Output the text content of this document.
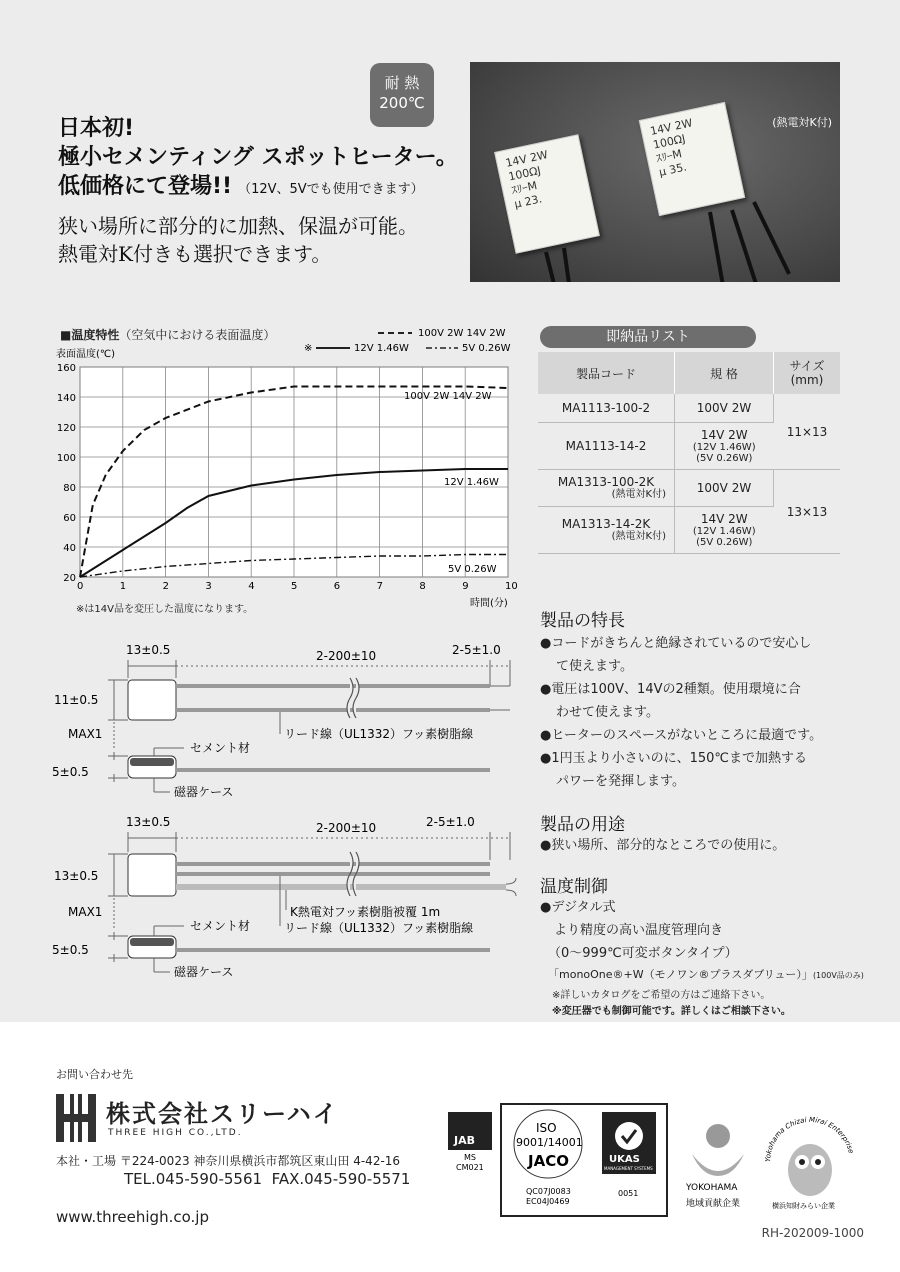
耐 熱
200℃
日本初!
極小セメンティング スポットヒーター。
低価格にて登場!! （12V、5Vでも使用できます）
狭い場所に部分的に加熱、保温が可能。
熱電対K付きも選択できます。
14V 2W
100ΩJ
ｽﾘｰM
μ 23.
14V 2W
100ΩJ
ｽﾘｰM
μ 35.
(熱電対K付)
■温度特性（空気中における表面温度）	100V 2W 14V 2W
※	12V 1.46W	5V 0.26W
表面温度(℃)
時間(分)
0	1	2	3	4	5	6	7	8	9	10
20
40
60
80
100
120
140
160
100V 2W 14V 2W
12V 1.46W
5V 0.26W
※は14V品を変圧した温度になります。
即納品リスト
製品コード	規 格	サイズ
(mm)
MA1113-100-2	100V 2W	11×13
MA1113-14-2	14V 2W
(12V 1.46W)
(5V 0.26W)	

MA1313-100-2K
(熱電対K付)	100V 2W	13×13
MA1313-14-2K
(熱電対K付)	14V 2W
(12V 1.46W)
(5V 0.26W)	
13±0.5	2-200±10	2-5±1.0
11±0.5
MAX1
5±0.5
リード線（UL1332）フッ素樹脂線
セメント材
磁器ケース
13±0.5	2-200±10	2-5±1.0
13±0.5
MAX1
5±0.5
K熱電対フッ素樹脂被覆 1m
リード線（UL1332）フッ素樹脂線
セメント材
磁器ケース
製品の特長
●コードがきちんと絶縁されているので安心し
て使えます。
●電圧は100V、14Vの2種類。使用環境に合
わせて使えます。
●ヒーターのスペースがないところに最適です。
●1円玉より小さいのに、150℃まで加熱する
パワーを発揮します。
製品の用途
●狭い場所、部分的なところでの使用に。
温度制御
●デジタル式
より精度の高い温度管理向き
（0～999℃可変ボタンタイプ）
「monoOne®+W（モノワン®プラスダブリュー）」(100V品のみ)
※詳しいカタログをご希望の方はご連絡下さい。
※変圧器でも制御可能です。詳しくはご相談下さい。
お問い合わせ先
株式会社スリーハイ
THREE HIGH CO.,LTD.
本社・工場 〒224-0023 神奈川県横浜市都筑区東山田 4-42-16
TEL.045-590-5561 FAX.045-590-5571
www.threehigh.co.jp
RH-202009-1000
JAB
MS
CM021
ISO
9001/14001
JACO
QC07J0083
EC04J0469
UKAS
MANAGEMENT SYSTEMS
0051
YOKOHAMA
地域貢献企業
Yokohama Chizai Mirai Enterprise
横浜知財みらい企業
